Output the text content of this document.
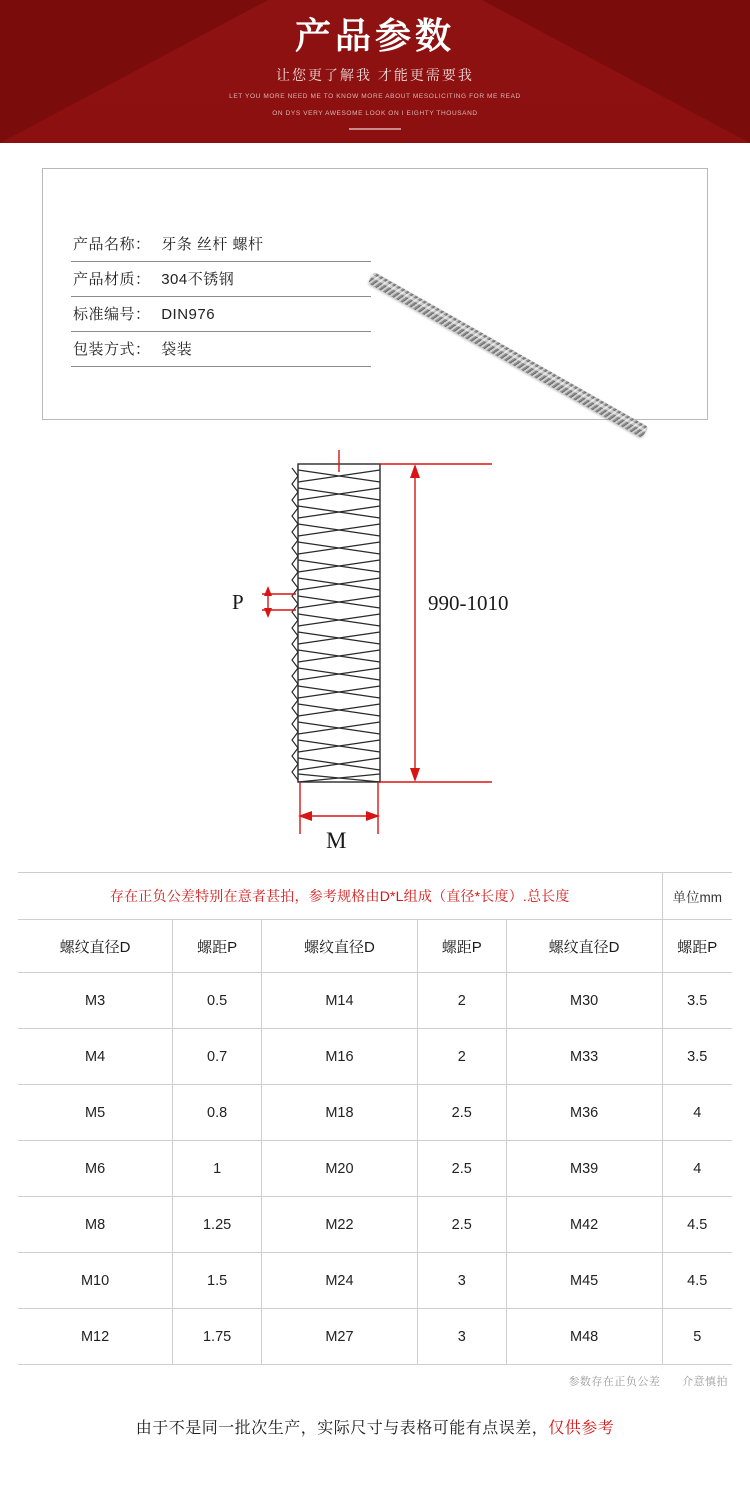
产品参数
让您更了解我 才能更需要我
LET YOU MORE NEED ME TO KNOW MORE ABOUT MESOLICITING FOR ME READ
ON DYS VERY AWESOME LOOK ON I EIGHTY THOUSAND
产品名称： 牙条 丝杆 螺杆
产品材质： 304不锈钢
标准编号： DIN976
包装方式： 袋装
990-1010
P
M
存在正负公差特别在意者甚拍，参考规格由D*L组成（直径*长度）.总长度					单位mm
螺纹直径D	螺距P	螺纹直径D	螺距P	螺纹直径D	螺距P
M3	0.5	M14	2	M30	3.5
M4	0.7	M16	2	M33	3.5
M5	0.8	M18	2.5	M36	4
M6	1	M20	2.5	M39	4
M8	1.25	M22	2.5	M42	4.5
M10	1.5	M24	3	M45	4.5
M12	1.75	M27	3	M48	5
参数存在正负公差 介意慎拍
由于不是同一批次生产，实际尺寸与表格可能有点误差，仅供参考
